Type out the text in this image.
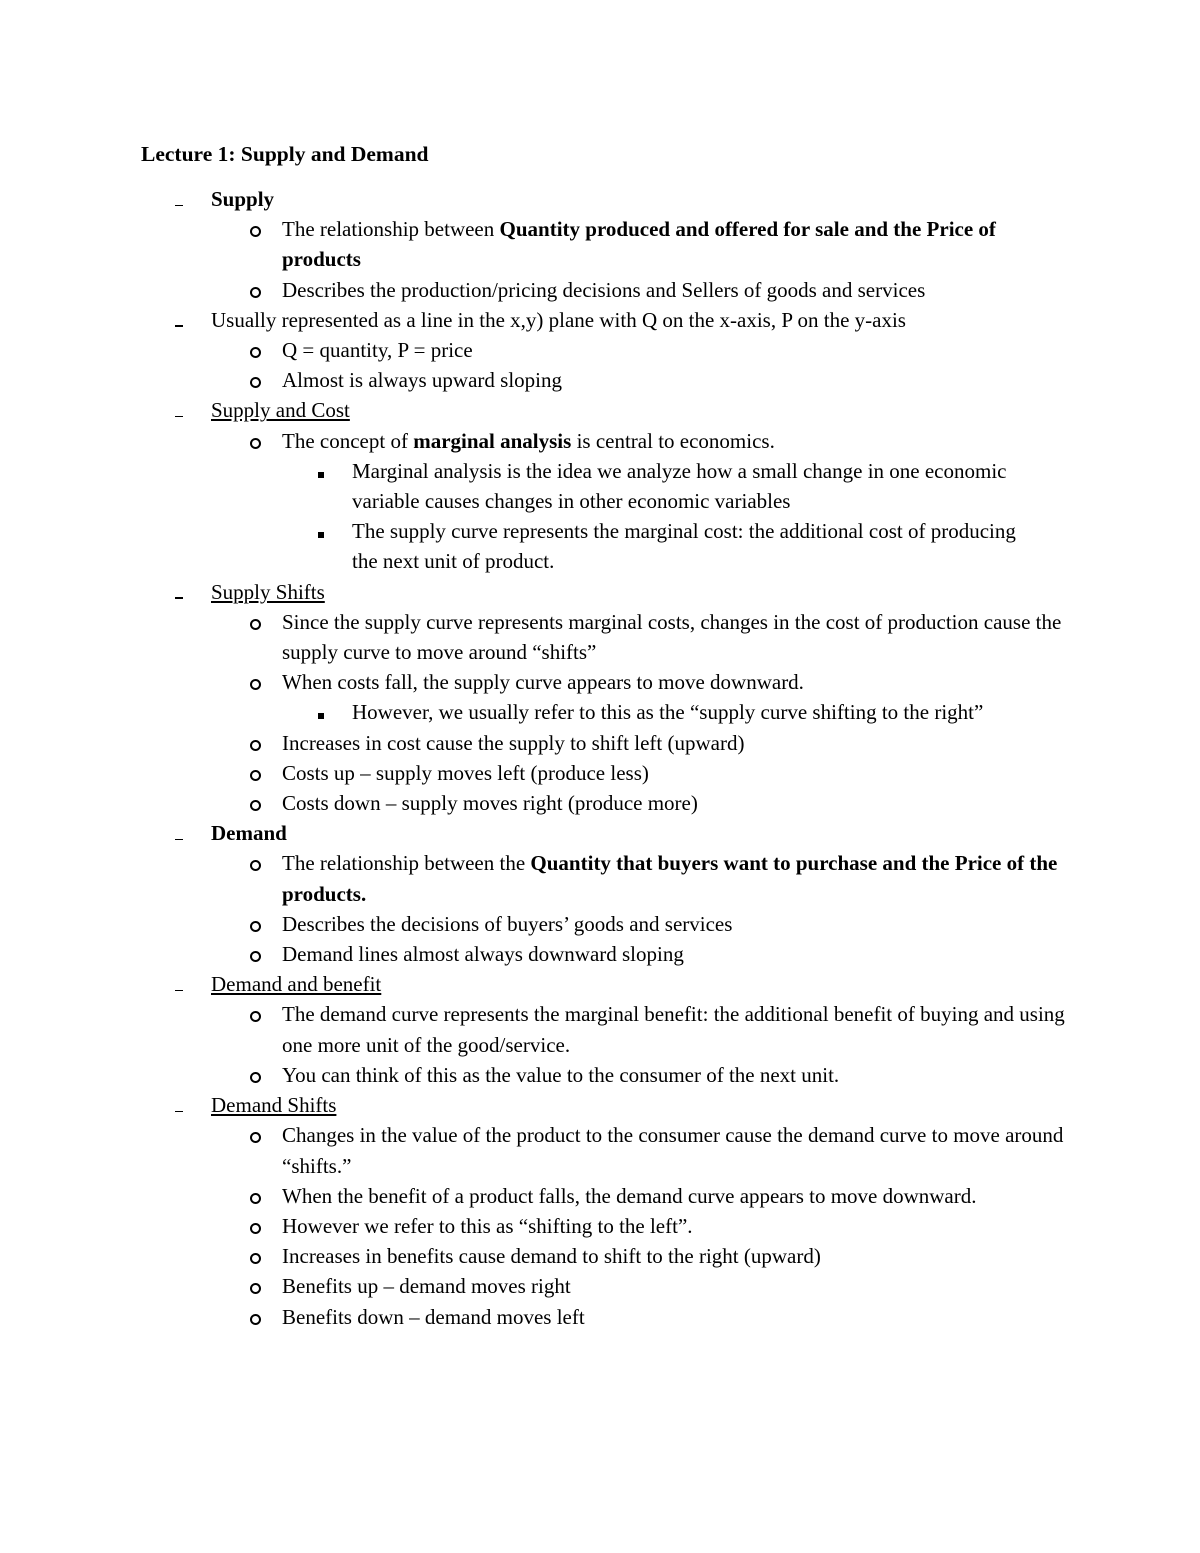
Lecture 1: Supply and Demand
Supply
The relationship between Quantity produced and offered for sale and the Price of products
Describes the production/pricing decisions and Sellers of goods and services
Usually represented as a line in the x,y) plane with Q on the x-axis, P on the y-axis
Q = quantity, P = price
Almost is always upward sloping
Supply and Cost
The concept of marginal analysis is central to economics.
Marginal analysis is the idea we analyze how a small change in one economic variable causes changes in other economic variables
The supply curve represents the marginal cost: the additional cost of producing the next unit of product.
Supply Shifts
Since the supply curve represents marginal costs, changes in the cost of production cause the supply curve to move around “shifts”
When costs fall, the supply curve appears to move downward.
However, we usually refer to this as the “supply curve shifting to the right”
Increases in cost cause the supply to shift left (upward)
Costs up – supply moves left (produce less)
Costs down – supply moves right (produce more)
Demand
The relationship between the Quantity that buyers want to purchase and the Price of the products.
Describes the decisions of buyers’ goods and services
Demand lines almost always downward sloping
Demand and benefit
The demand curve represents the marginal benefit: the additional benefit of buying and using one more unit of the good/service.
You can think of this as the value to the consumer of the next unit.
Demand Shifts
Changes in the value of the product to the consumer cause the demand curve to move around “shifts.”
When the benefit of a product falls, the demand curve appears to move downward.
However we refer to this as “shifting to the left”.
Increases in benefits cause demand to shift to the right (upward)
Benefits up – demand moves right
Benefits down – demand moves left
